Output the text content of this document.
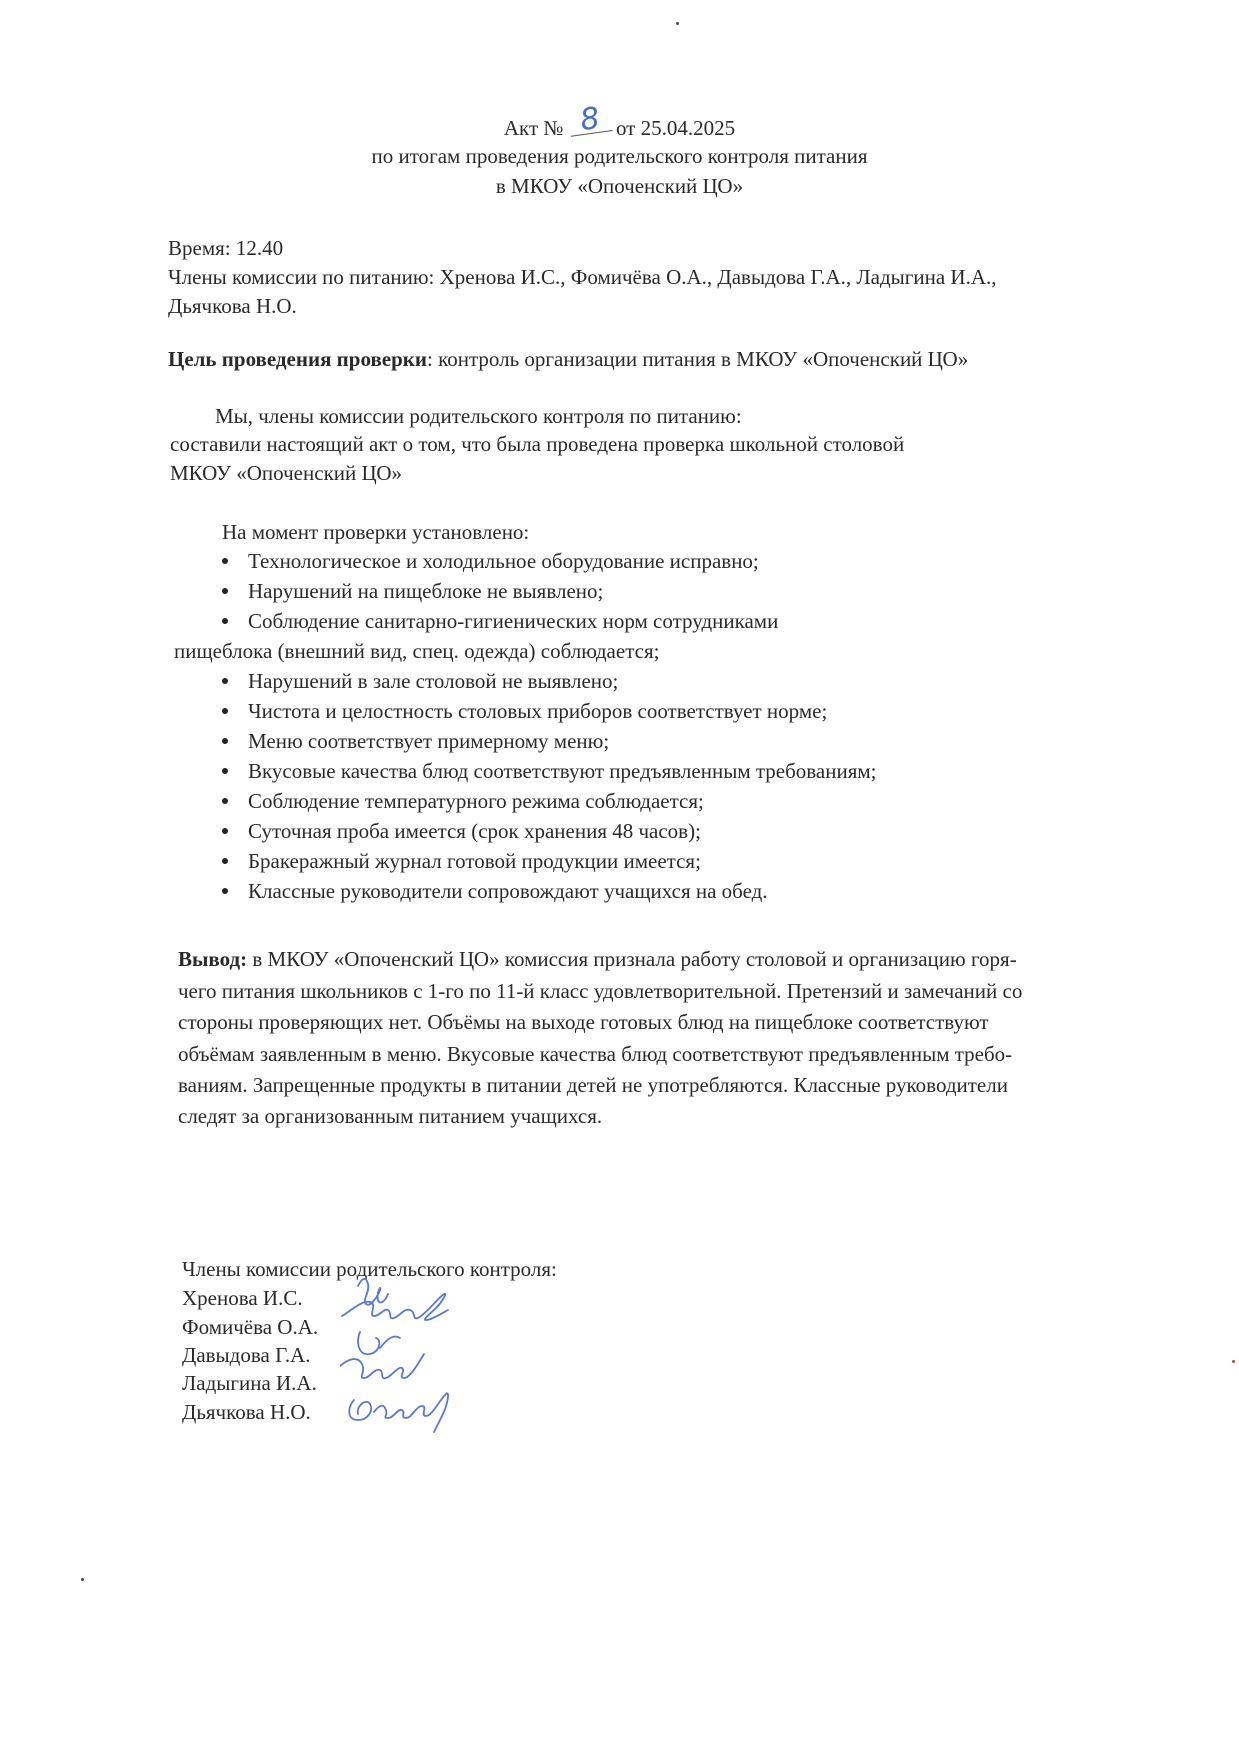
Акт № 8 от 25.04.2025
по итогам проведения родительского контроля питания
в МКОУ «Опоченский ЦО»
Время: 12.40
Члены комиссии по питанию: Хренова И.С., Фомичёва О.А., Давыдова Г.А., Ладыгина И.А.,
Дьячкова Н.О.
Цель проведения проверки: контроль организации питания в МКОУ «Опоченский ЦО»
Мы, члены комиссии родительского контроля по питанию:
составили настоящий акт о том, что была проведена проверка школьной столовой
МКОУ «Опоченский ЦО»
На момент проверки установлено:
Технологическое и холодильное оборудование исправно;
Нарушений на пищеблоке не выявлено;
Соблюдение санитарно-гигиенических норм сотрудниками
пищеблока (внешний вид, спец. одежда) соблюдается;
Нарушений в зале столовой не выявлено;
Чистота и целостность столовых приборов соответствует норме;
Меню соответствует примерному меню;
Вкусовые качества блюд соответствуют предъявленным требованиям;
Соблюдение температурного режима соблюдается;
Суточная проба имеется (срок хранения 48 часов);
Бракеражный журнал готовой продукции имеется;
Классные руководители сопровождают учащихся на обед.
Вывод: в МКОУ «Опоченский ЦО» комиссия признала работу столовой и организацию горя-
чего питания школьников с 1-го по 11-й класс удовлетворительной. Претензий и замечаний со
стороны проверяющих нет. Объёмы на выходе готовых блюд на пищеблоке соответствуют
объёмам заявленным в меню. Вкусовые качества блюд соответствуют предъявленным требо-
ваниям. Запрещенные продукты в питании детей не употребляются. Классные руководители
следят за организованным питанием учащихся.
Члены комиссии родительского контроля:
Хренова И.С.
Фомичёва О.А.
Давыдова Г.А.
Ладыгина И.А.
Дьячкова Н.О.
